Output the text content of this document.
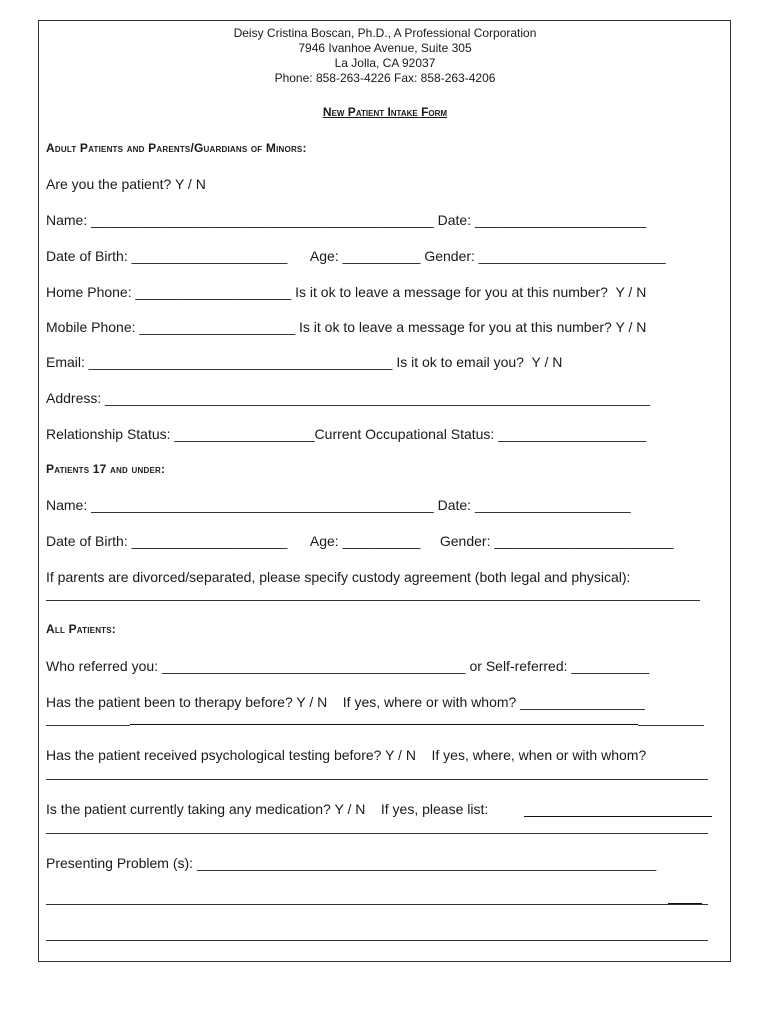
Deisy Cristina Boscan, Ph.D., A Professional Corporation
7946 Ivanhoe Avenue, Suite 305
La Jolla, CA 92037
Phone: 858-263-4226 Fax: 858-263-4206
New Patient Intake Form
Adult Patients and Parents/Guardians of Minors:
Are you the patient? Y / N
Name: ____________________________________________ Date: ______________________
Date of Birth: ____________________      Age: __________ Gender: ________________________
Home Phone: ____________________ Is it ok to leave a message for you at this number?  Y / N
Mobile Phone: ____________________ Is it ok to leave a message for you at this number? Y / N
Email: _______________________________________ Is it ok to email you?  Y / N
Address: ______________________________________________________________________
Relationship Status: __________________Current Occupational Status: ___________________
Patients 17 and under:
Name: ____________________________________________ Date: ____________________
Date of Birth: ____________________      Age: __________     Gender: _______________________
If parents are divorced/separated, please specify custody agreement (both legal and physical):
All Patients:
Who referred you: _______________________________________ or Self-referred: __________
Has the patient been to therapy before? Y / N    If yes, where or with whom? ________________
Has the patient received psychological testing before? Y / N    If yes, where, when or with whom?
Is the patient currently taking any medication? Y / N    If yes, please list:
Presenting Problem (s): ___________________________________________________________
